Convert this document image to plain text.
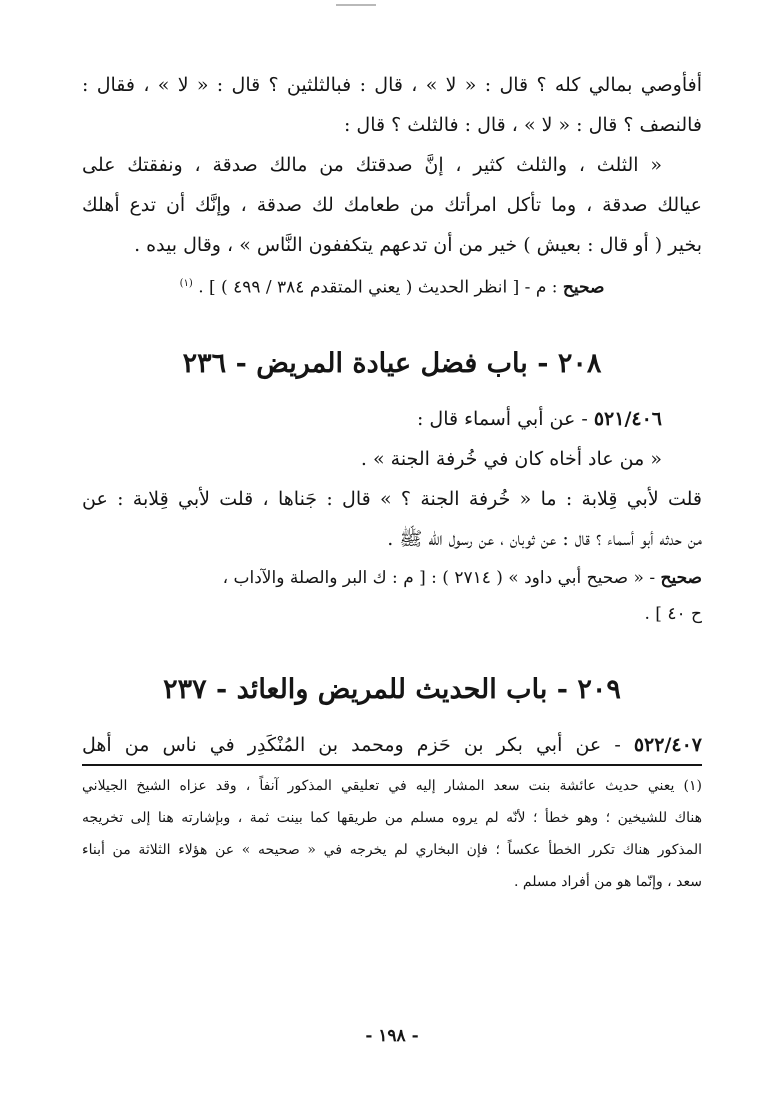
أفأوصي بمالي كله ؟ قال : « لا » ، قال : فبالثلثين ؟ قال : « لا » ، فقال :

فالنصف ؟ قال : « لا » ، قال : فالثلث ؟ قال :

« الثلث ، والثلث كثير ، إنَّ صدقتك من مالك صدقة ، ونفقتك على

عيالك صدقة ، وما تأكل امرأتك من طعامك لك صدقة ، وإنَّك أن تدع أهلك

بخير ( أو قال : بعيش ) خير من أن تدعهم يتكففون النَّاس » ، وقال بيده .

صحيح : م - [ انظر الحديث ( يعني المتقدم ٣٨٤ / ٤٩٩ ) ] . $^{(١)}$

٢٠٨ - باب فضل عيادة المريض - ٢٣٦

٥٢١/٤٠٦ - عن أبي أسماء قال :

« من عاد أخاه كان في خُرفة الجنة » .

قلت لأبي قِلابة : ما « خُرفة الجنة ؟ » قال : جَناها ، قلت لأبي قِلابة : عن

من حدثه أبو أسماء ؟ قال : عن ثوبان ، عن رسول الله ﷺ .

صحيح - « صحيح أبي داود » ( ٢٧١٤ ) : [ م : ك البر والصلة والآداب ،

ح ٤٠ ] .

٢٠٩ - باب الحديث للمريض والعائد - ٢٣٧

٥٢٢/٤٠٧ - عن أبي بكر بن حَزم ومحمد بن المُنْكَدِر في ناس من أهل

(١) يعني حديث عائشة بنت سعد المشار إليه في تعليقي المذكور آنفاً ، وقد عزاه الشيخ الجيلاني

هناك للشيخين ؛ وهو خطأ ؛ لأنّه لم يروه مسلم من طريقها كما بينت ثمة ، وبإشارته هنا إلى تخريجه

المذكور هناك تكرر الخطأ عكساً ؛ فإن البخاري لم يخرجه في « صحيحه » عن هؤلاء الثلاثة من أبناء

سعد ، وإنّما هو من أفراد مسلم .

- ١٩٨ -
